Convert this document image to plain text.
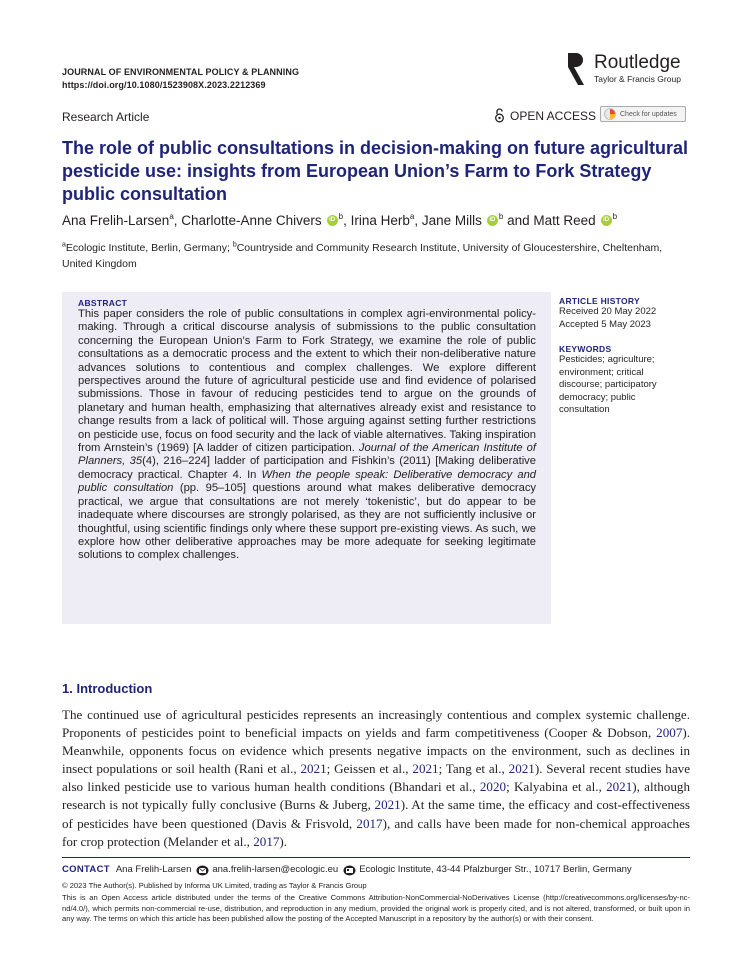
JOURNAL OF ENVIRONMENTAL POLICY & PLANNING
https://doi.org/10.1080/1523908X.2023.2212369
Routledge
Taylor & Francis Group
Research Article	OPEN ACCESS	Check for updates
The role of public consultations in decision-making on future agricultural pesticide use: insights from European Union’s Farm to Fork Strategy public consultation
Ana Frelih-Larsen$^a$, Charlotte-Anne Chivers iD $^b$, Irina Herb$^a$, Jane Mills iD $^b$ and Matt Reed iD $^b$
$^a$Ecologic Institute, Berlin, Germany; $^b$Countryside and Community Research Institute, University of Gloucestershire, Cheltenham, United Kingdom
ABSTRACT

This paper considers the role of public consultations in complex agri-environmental policy-making. Through a critical discourse analysis of submissions to the public consultation concerning the European Union’s Farm to Fork Strategy, we examine the role of public consultations as a democratic process and the extent to which their non-deliberative nature advances solutions to contentious and complex challenges. We explore different perspectives around the future of agricultural pesticide use and find evidence of polarised submissions. Those in favour of reducing pesticides tend to argue on the grounds of planetary and human health, emphasizing that alternatives already exist and resistance to change results from a lack of political will. Those arguing against setting further restrictions on pesticide use, focus on food security and the lack of viable alternatives. Taking inspiration from Arnstein’s (1969) [A ladder of citizen participation. Journal of the American Institute of Planners, 35(4), 216–224] ladder of participation and Fishkin’s (2011) [Making deliberative democracy practical. Chapter 4. In When the people speak: Deliberative democracy and public consultation (pp. 95–105] questions around what makes deliberative democracy practical, we argue that consultations are not merely ‘tokenistic’, but do appear to be inadequate where discourses are strongly polarised, as they are not sufficiently inclusive or thoughtful, using scientific findings only where these support pre-existing views. As such, we explore how other deliberative approaches may be more adequate for seeking legitimate solutions to complex challenges.

ARTICLE HISTORY
Received 20 May 2022
Accepted 5 May 2023
KEYWORDS
Pesticides; agriculture;
environment; critical
discourse; participatory
democracy; public
consultation
1. Introduction

The continued use of agricultural pesticides represents an increasingly contentious and complex systemic challenge. Proponents of pesticides point to beneficial impacts on yields and farm competitiveness (Cooper & Dobson, 2007). Meanwhile, opponents focus on evidence which presents negative impacts on the environment, such as declines in insect populations or soil health (Rani et al., 2021; Geissen et al., 2021; Tang et al., 2021). Several recent studies have also linked pesticide use to various human health conditions (Bhandari et al., 2020; Kalyabina et al., 2021), although research is not typically fully conclusive (Burns & Juberg, 2021). At the same time, the efficacy and cost-effectiveness of pesticides have been questioned (Davis & Frisvold, 2017), and calls have been made for non-chemical approaches for crop protection (Melander et al., 2017).

CONTACT Ana Frelih-Larsen ana.frelih-larsen@ecologic.eu Ecologic Institute, 43-44 Pfalzburger Str., 10717 Berlin, Germany
© 2023 The Author(s). Published by Informa UK Limited, trading as Taylor & Francis Group
This is an Open Access article distributed under the terms of the Creative Commons Attribution-NonCommercial-NoDerivatives License (http://creativecommons.org/licenses/by-nc-nd/4.0/), which permits non-commercial re-use, distribution, and reproduction in any medium, provided the original work is properly cited, and is not altered, transformed, or built upon in any way. The terms on which this article has been published allow the posting of the Accepted Manuscript in a repository by the author(s) or with their consent.
